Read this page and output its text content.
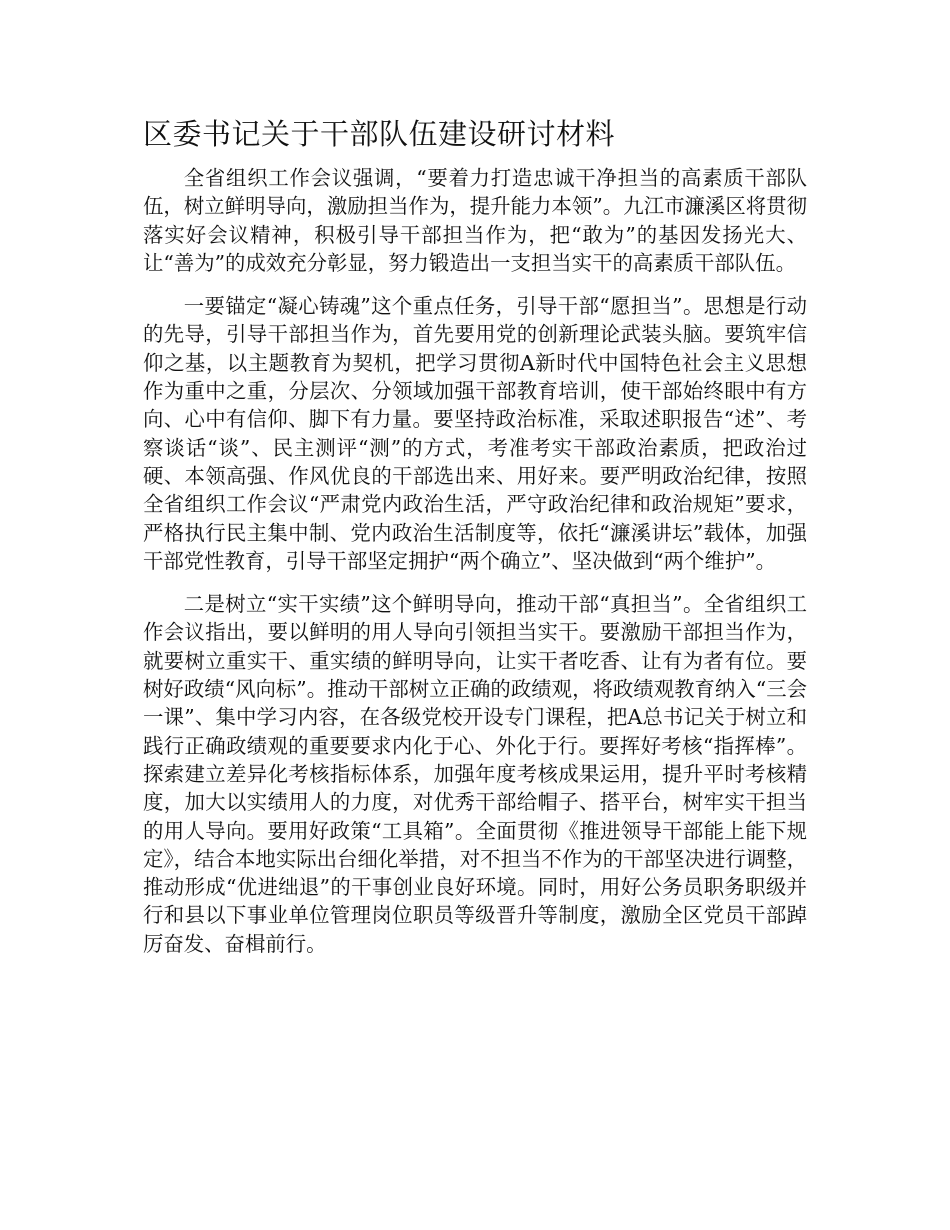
区委书记关于干部队伍建设研讨材料

全省组织工作会议强调，“要着力打造忠诚干净担当的高素质干部队伍，树立鲜明导向，激励担当作为，提升能力本领”。九江市濂溪区将贯彻落实好会议精神，积极引导干部担当作为，把“敢为”的基因发扬光大、让“善为”的成效充分彰显，努力锻造出一支担当实干的高素质干部队伍。

一要锚定“凝心铸魂”这个重点任务，引导干部“愿担当”。思想是行动的先导，引导干部担当作为，首先要用党的创新理论武装头脑。要筑牢信仰之基，以主题教育为契机，把学习贯彻A新时代中国特色社会主义思想作为重中之重，分层次、分领域加强干部教育培训，使干部始终眼中有方向、心中有信仰、脚下有力量。要坚持政治标准，采取述职报告“述”、考察谈话“谈”、民主测评“测”的方式，考准考实干部政治素质，把政治过硬、本领高强、作风优良的干部选出来、用好来。要严明政治纪律，按照全省组织工作会议“严肃党内政治生活，严守政治纪律和政治规矩”要求，严格执行民主集中制、党内政治生活制度等，依托“濂溪讲坛”载体，加强干部党性教育，引导干部坚定拥护“两个确立”、坚决做到“两个维护”。

二是树立“实干实绩”这个鲜明导向，推动干部“真担当”。全省组织工作会议指出，要以鲜明的用人导向引领担当实干。要激励干部担当作为，就要树立重实干、重实绩的鲜明导向，让实干者吃香、让有为者有位。要树好政绩“风向标”。推动干部树立正确的政绩观，将政绩观教育纳入“三会一课”、集中学习内容，在各级党校开设专门课程，把A总书记关于树立和践行正确政绩观的重要要求内化于心、外化于行。要挥好考核“指挥棒”。探索建立差异化考核指标体系，加强年度考核成果运用，提升平时考核精度，加大以实绩用人的力度，对优秀干部给帽子、搭平台，树牢实干担当的用人导向。要用好政策“工具箱”。全面贯彻《推进领导干部能上能下规定》，结合本地实际出台细化举措，对不担当不作为的干部坚决进行调整，推动形成“优进绌退”的干事创业良好环境。同时，用好公务员职务职级并行和县以下事业单位管理岗位职员等级晋升等制度，激励全区党员干部踔厉奋发、奋楫前行。
